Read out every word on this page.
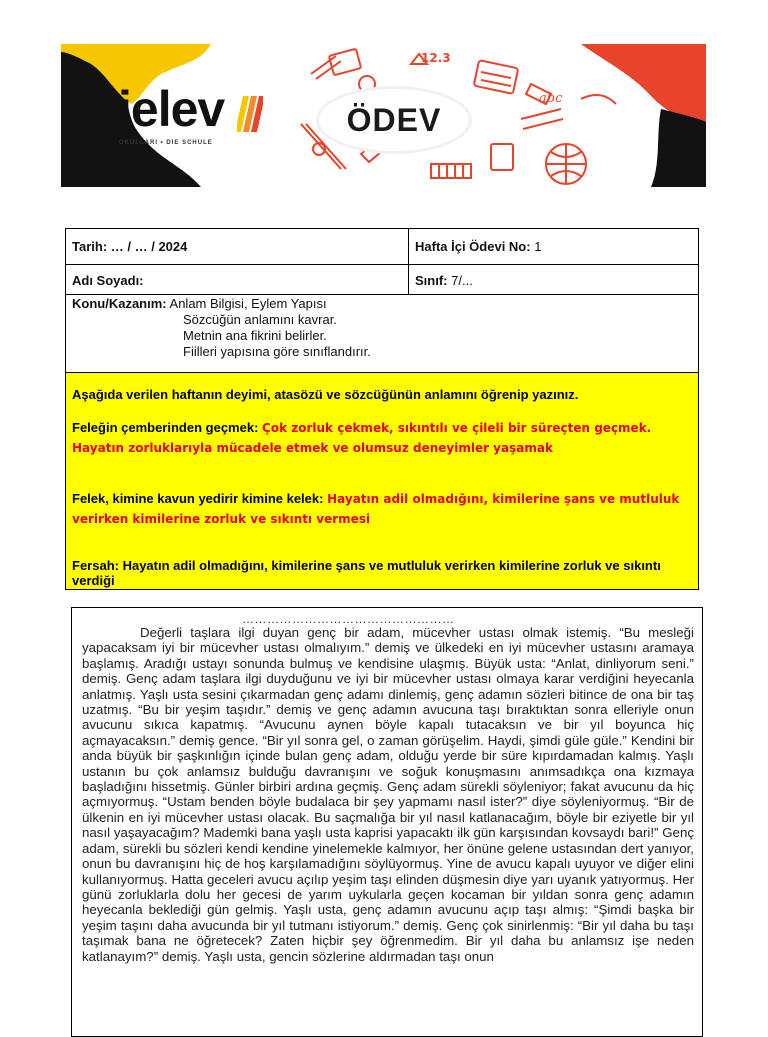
12.3
abc
ielev
OKULLARI • DIE SCHULE
ÖDEV
Tarih: … / … / 2024	Hafta İçi Ödevi No: 1
Adı Soyadı:	Sınıf: 7/...
Konu/Kazanım: Anlam Bilgisi, Eylem Yapısı
Sözcüğün anlamını kavrar.
Metnin ana fikrini belirler.
Fiilleri yapısına göre sınıflandırır.

Aşağıda verilen haftanın deyimi, atasözü ve sözcüğünün anlamını öğrenip yazınız.

Feleğin çemberinden geçmek: Çok zorluk çekmek, sıkıntılı ve çileli bir süreçten geçmek. Hayatın zorluklarıyla mücadele etmek ve olumsuz deneyimler yaşamak
Felek, kimine kavun yedirir kimine kelek: Hayatın adil olmadığını, kimilerine şans ve mutluluk verirken kimilerine zorluk ve sıkıntı vermesi
Fersah: Hayatın adil olmadığını, kimilerine şans ve mutluluk verirken kimilerine zorluk ve sıkıntı verdiği
……………………………………………

Değerli taşlara ilgi duyan genç bir adam, mücevher ustası olmak istemiş. “Bu mesleği yapacaksam iyi bir mücevher ustası olmalıyım.” demiş ve ülkedeki en iyi mücevher ustasını aramaya başlamış. Aradığı ustayı sonunda bulmuş ve kendisine ulaşmış. Büyük usta: “Anlat, dinliyorum seni.” demiş. Genç adam taşlara ilgi duyduğunu ve iyi bir mücevher ustası olmaya karar verdiğini heyecanla anlatmış. Yaşlı usta sesini çıkarmadan genç adamı dinlemiş, genç adamın sözleri bitince de ona bir taş uzatmış. “Bu bir yeşim taşıdır.” demiş ve genç adamın avucuna taşı bıraktıktan sonra elleriyle onun avucunu sıkıca kapatmış. “Avucunu aynen böyle kapalı tutacaksın ve bir yıl boyunca hiç açmayacaksın.” demiş gence. “Bir yıl sonra gel, o zaman görüşelim. Haydi, şimdi güle güle.” Kendini bir anda büyük bir şaşkınlığın içinde bulan genç adam, olduğu yerde bir süre kıpırdamadan kalmış. Yaşlı ustanın bu çok anlamsız bulduğu davranışını ve soğuk konuşmasını anımsadıkça ona kızmaya başladığını hissetmiş. Günler birbiri ardına geçmiş. Genç adam sürekli söyleniyor; fakat avucunu da hiç açmıyormuş. “Ustam benden böyle budalaca bir şey yapmamı nasıl ister?” diye söyleniyormuş. “Bir de ülkenin en iyi mücevher ustası olacak. Bu saçmalığa bir yıl nasıl katlanacağım, böyle bir eziyetle bir yıl nasıl yaşayacağım? Mademki bana yaşlı usta kaprisi yapacaktı ilk gün karşısından kovsaydı bari!” Genç adam, sürekli bu sözleri kendi kendine yinelemekle kalmıyor, her önüne gelene ustasından dert yanıyor, onun bu davranışını hiç de hoş karşılamadığını söylüyormuş. Yine de avucu kapalı uyuyor ve diğer elini kullanıyormuş. Hatta geceleri avucu açılıp yeşim taşı elinden düşmesin diye yarı uyanık yatıyormuş. Her günü zorluklarla dolu her gecesi de yarım uykularla geçen kocaman bir yıldan sonra genç adamın heyecanla beklediği gün gelmiş. Yaşlı usta, genç adamın avucunu açıp taşı almış: “Şimdi başka bir yeşim taşını daha avucunda bir yıl tutmanı istiyorum.” demiş. Genç çok sinirlenmiş: “Bir yıl daha bu taşı taşımak bana ne öğretecek? Zaten hiçbir şey öğrenmedim. Bir yıl daha bu anlamsız işe neden katlanayım?” demiş. Yaşlı usta, gencin sözlerine aldırmadan taşı onun
